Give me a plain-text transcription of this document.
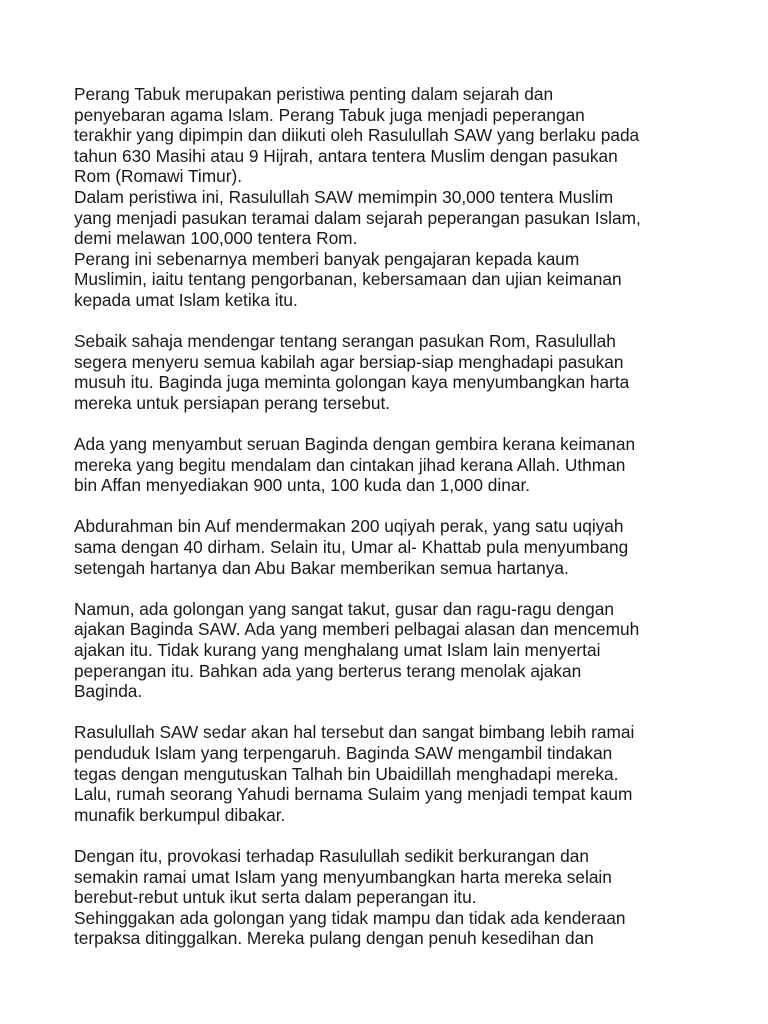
Perang Tabuk merupakan peristiwa penting dalam sejarah dan
penyebaran agama Islam. Perang Tabuk juga menjadi peperangan
terakhir yang dipimpin dan diikuti oleh Rasulullah SAW yang berlaku pada
tahun 630 Masihi atau 9 Hijrah, antara tentera Muslim dengan pasukan
Rom (Romawi Timur).

Dalam peristiwa ini, Rasulullah SAW memimpin 30,000 tentera Muslim
yang menjadi pasukan teramai dalam sejarah peperangan pasukan Islam,
demi melawan 100,000 tentera Rom.

Perang ini sebenarnya memberi banyak pengajaran kepada kaum
Muslimin, iaitu tentang pengorbanan, kebersamaan dan ujian keimanan
kepada umat Islam ketika itu.

Sebaik sahaja mendengar tentang serangan pasukan Rom, Rasulullah
segera menyeru semua kabilah agar bersiap-siap menghadapi pasukan
musuh itu. Baginda juga meminta golongan kaya menyumbangkan harta
mereka untuk persiapan perang tersebut.

Ada yang menyambut seruan Baginda dengan gembira kerana keimanan
mereka yang begitu mendalam dan cintakan jihad kerana Allah. Uthman
bin Affan menyediakan 900 unta, 100 kuda dan 1,000 dinar.

Abdurahman bin Auf mendermakan 200 uqiyah perak, yang satu uqiyah
sama dengan 40 dirham. Selain itu, Umar al- Khattab pula menyumbang
setengah hartanya dan Abu Bakar memberikan semua hartanya.

Namun, ada golongan yang sangat takut, gusar dan ragu-ragu dengan
ajakan Baginda SAW. Ada yang memberi pelbagai alasan dan mencemuh
ajakan itu. Tidak kurang yang menghalang umat Islam lain menyertai
peperangan itu. Bahkan ada yang berterus terang menolak ajakan
Baginda.

Rasulullah SAW sedar akan hal tersebut dan sangat bimbang lebih ramai
penduduk Islam yang terpengaruh. Baginda SAW mengambil tindakan
tegas dengan mengutuskan Talhah bin Ubaidillah menghadapi mereka.
Lalu, rumah seorang Yahudi bernama Sulaim yang menjadi tempat kaum
munafik berkumpul dibakar.

Dengan itu, provokasi terhadap Rasulullah sedikit berkurangan dan
semakin ramai umat Islam yang menyumbangkan harta mereka selain
berebut-rebut untuk ikut serta dalam peperangan itu.

Sehinggakan ada golongan yang tidak mampu dan tidak ada kenderaan
terpaksa ditinggalkan. Mereka pulang dengan penuh kesedihan dan
